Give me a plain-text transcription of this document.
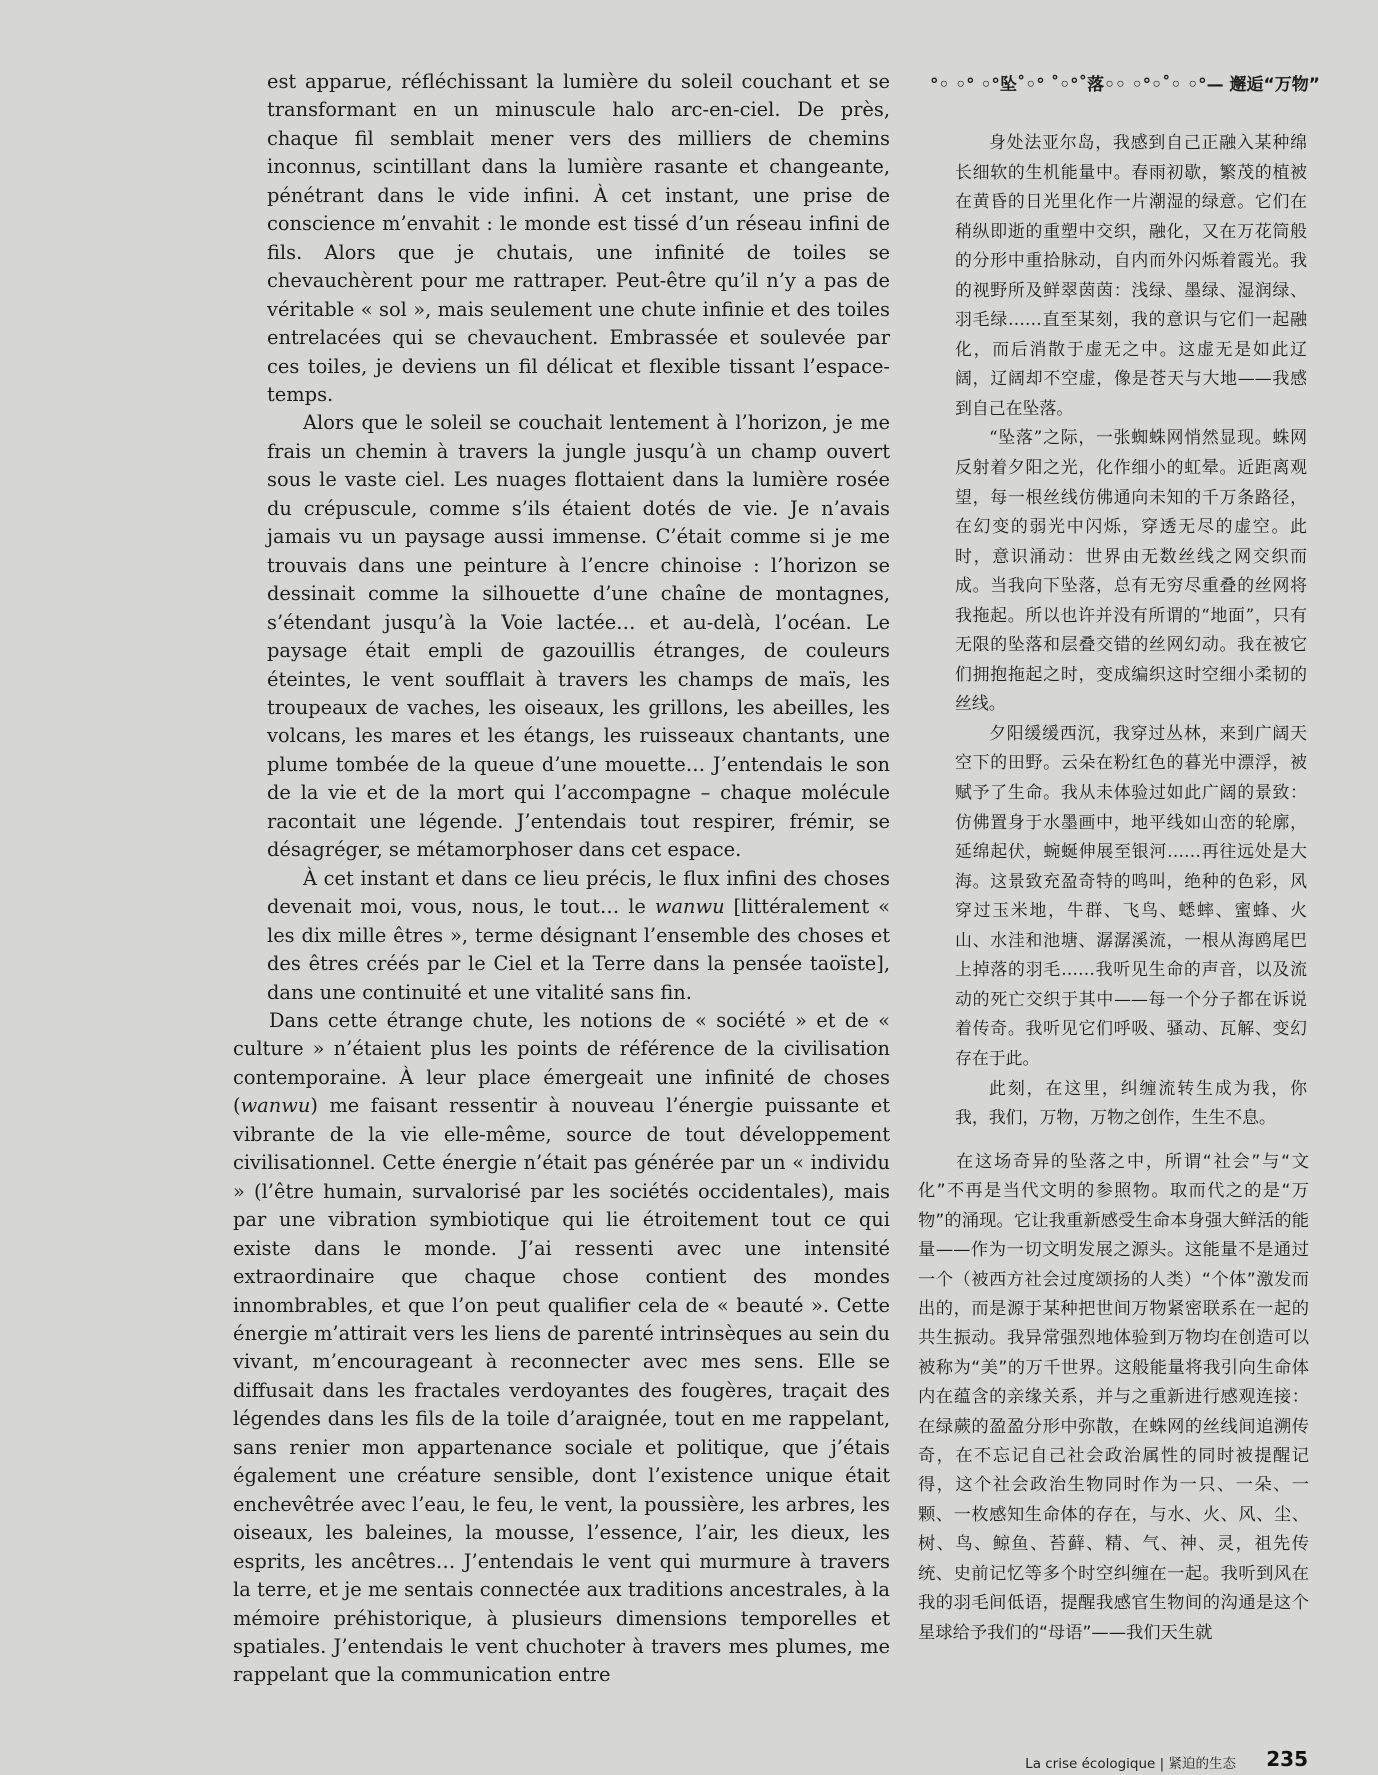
°◦ ◦° ◦°坠˚◦° ˚◦°˚落◦◦ ◦°◦˚◦ ◦°— 邂逅“万物”

est apparue, réfléchissant la lumière du soleil couchant et se transformant en un minuscule halo arc-en-ciel. De près, chaque fil semblait mener vers des milliers de chemins inconnus, scintillant dans la lumière rasante et changeante, pénétrant dans le vide infini. À cet instant, une prise de conscience m’envahit : le monde est tissé d’un réseau infini de fils. Alors que je chutais, une infinité de toiles se chevauchèrent pour me rattraper. Peut-être qu’il n’y a pas de véritable « sol », mais seulement une chute infinie et des toiles entrelacées qui se chevauchent. Embrassée et soulevée par ces toiles, je deviens un fil délicat et flexible tissant l’espace-temps.

Alors que le soleil se couchait lentement à l’horizon, je me frais un chemin à travers la jungle jusqu’à un champ ouvert sous le vaste ciel. Les nuages flottaient dans la lumière rosée du crépuscule, comme s’ils étaient dotés de vie. Je n’avais jamais vu un paysage aussi immense. C’était comme si je me trouvais dans une peinture à l’encre chinoise : l’horizon se dessinait comme la silhouette d’une chaîne de montagnes, s’étendant jusqu’à la Voie lactée… et au-delà, l’océan. Le paysage était empli de gazouillis étranges, de couleurs éteintes, le vent soufflait à travers les champs de maïs, les troupeaux de vaches, les oiseaux, les grillons, les abeilles, les volcans, les mares et les étangs, les ruisseaux chantants, une plume tombée de la queue d’une mouette… J’entendais le son de la vie et de la mort qui l’accompagne – chaque molécule racontait une légende. J’entendais tout respirer, frémir, se désagréger, se métamorphoser dans cet espace.

À cet instant et dans ce lieu précis, le flux infini des choses devenait moi, vous, nous, le tout… le wanwu [littéralement « les dix mille êtres », terme désignant l’ensemble des choses et des êtres créés par le Ciel et la Terre dans la pensée taoïste], dans une continuité et une vitalité sans fin.

Dans cette étrange chute, les notions de « société » et de « culture » n’étaient plus les points de référence de la civilisation contemporaine. À leur place émergeait une infinité de choses (wanwu) me faisant ressentir à nouveau l’énergie puissante et vibrante de la vie elle-même, source de tout développement civilisationnel. Cette énergie n’était pas générée par un « individu » (l’être humain, survalorisé par les sociétés occidentales), mais par une vibration symbiotique qui lie étroitement tout ce qui existe dans le monde. J’ai ressenti avec une intensité extraordinaire que chaque chose contient des mondes innombrables, et que l’on peut qualifier cela de « beauté ». Cette énergie m’attirait vers les liens de parenté intrinsèques au sein du vivant, m’encourageant à reconnecter avec mes sens. Elle se diffusait dans les fractales verdoyantes des fougères, traçait des légendes dans les fils de la toile d’araignée, tout en me rappelant, sans renier mon appartenance sociale et politique, que j’étais également une créature sensible, dont l’existence unique était enchevêtrée avec l’eau, le feu, le vent, la poussière, les arbres, les oiseaux, les baleines, la mousse, l’essence, l’air, les dieux, les esprits, les ancêtres… J’entendais le vent qui murmure à travers la terre, et je me sentais connectée aux traditions ancestrales, à la mémoire préhistorique, à plusieurs dimensions temporelles et spatiales. J’entendais le vent chuchoter à travers mes plumes, me rappelant que la communication entre

身处法亚尔岛，我感到自己正融入某种绵长细软的生机能量中。春雨初歇，繁茂的植被在黄昏的日光里化作一片潮湿的绿意。它们在稍纵即逝的重塑中交织，融化，又在万花筒般的分形中重拾脉动，自内而外闪烁着霞光。我的视野所及鲜翠茵茵：浅绿、墨绿、湿润绿、羽毛绿……直至某刻，我的意识与它们一起融化，而后消散于虚无之中。这虚无是如此辽阔，辽阔却不空虚，像是苍天与大地——我感到自己在坠落。

“坠落”之际，一张蜘蛛网悄然显现。蛛网反射着夕阳之光，化作细小的虹晕。近距离观望，每一根丝线仿佛通向未知的千万条路径，在幻变的弱光中闪烁，穿透无尽的虚空。此时，意识涌动：世界由无数丝线之网交织而成。当我向下坠落，总有无穷尽重叠的丝网将我拖起。所以也许并没有所谓的“地面”，只有无限的坠落和层叠交错的丝网幻动。我在被它们拥抱拖起之时，变成编织这时空细小柔韧的丝线。

夕阳缓缓西沉，我穿过丛林，来到广阔天空下的田野。云朵在粉红色的暮光中漂浮，被赋予了生命。我从未体验过如此广阔的景致：仿佛置身于水墨画中，地平线如山峦的轮廓，延绵起伏，蜿蜒伸展至银河……再往远处是大海。这景致充盈奇特的鸣叫，绝种的色彩，风穿过玉米地，牛群、飞鸟、蟋蟀、蜜蜂、火山、水洼和池塘、潺潺溪流，一根从海鸥尾巴上掉落的羽毛……我听见生命的声音，以及流动的死亡交织于其中——每一个分子都在诉说着传奇。我听见它们呼吸、骚动、瓦解、变幻存在于此。

此刻，在这里，纠缠流转生成为我，你我，我们，万物，万物之创作，生生不息。

在这场奇异的坠落之中，所谓“社会”与“文化”不再是当代文明的参照物。取而代之的是“万物”的涌现。它让我重新感受生命本身强大鲜活的能量——作为一切文明发展之源头。这能量不是通过一个（被西方社会过度颂扬的人类）“个体”激发而出的，而是源于某种把世间万物紧密联系在一起的共生振动。我异常强烈地体验到万物均在创造可以被称为“美”的万千世界。这般能量将我引向生命体内在蕴含的亲缘关系，并与之重新进行感观连接：在绿蕨的盈盈分形中弥散，在蛛网的丝线间追溯传奇，在不忘记自己社会政治属性的同时被提醒记得，这个社会政治生物同时作为一只、一朵、一颗、一枚感知生命体的存在，与水、火、风、尘、树、鸟、鲸鱼、苔藓、精、气、神、灵，祖先传统、史前记忆等多个时空纠缠在一起。我听到风在我的羽毛间低语，提醒我感官生物间的沟通是这个星球给予我们的“母语”——我们天生就

La crise écologique | 紧迫的生态 235
